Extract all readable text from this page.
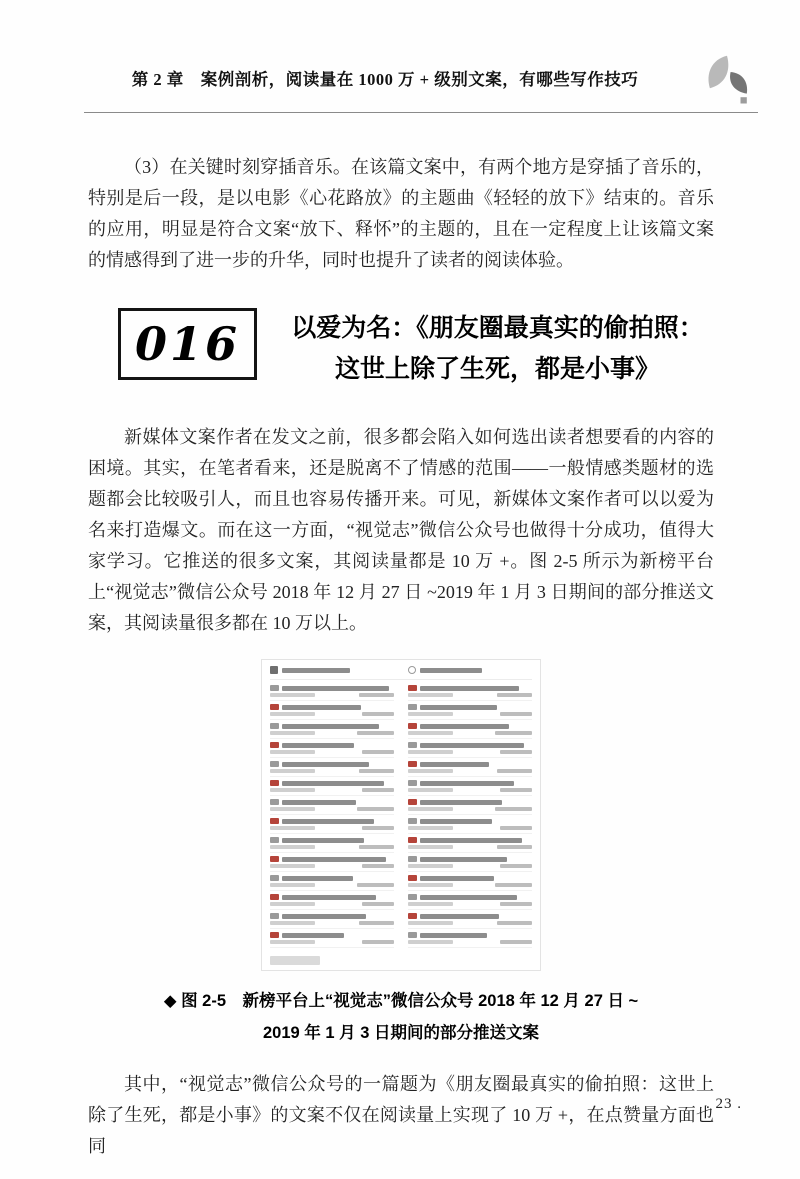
第 2 章　案例剖析，阅读量在 1000 万 + 级别文案，有哪些写作技巧

（3）在关键时刻穿插音乐。在该篇文案中，有两个地方是穿插了音乐的，特别是后一段，是以电影《心花路放》的主题曲《轻轻的放下》结束的。音乐的应用，明显是符合文案“放下、释怀”的主题的，且在一定程度上让该篇文案的情感得到了进一步的升华，同时也提升了读者的阅读体验。

016	以爱为名：《朋友圈最真实的偷拍照：
这世上除了生死，都是小事》

新媒体文案作者在发文之前，很多都会陷入如何选出读者想要看的内容的困境。其实，在笔者看来，还是脱离不了情感的范围——一般情感类题材的选题都会比较吸引人，而且也容易传播开来。可见，新媒体文案作者可以以爱为名来打造爆文。而在这一方面，“视觉志”微信公众号也做得十分成功，值得大家学习。它推送的很多文案，其阅读量都是 10 万 +。图 2-5 所示为新榜平台上“视觉志”微信公众号 2018 年 12 月 27 日 ~2019 年 1 月 3 日期间的部分推送文案，其阅读量很多都在 10 万以上。

◆ 图 2-5　新榜平台上“视觉志”微信公众号 2018 年 12 月 27 日 ~
2019 年 1 月 3 日期间的部分推送文案

其中，“视觉志”微信公众号的一篇题为《朋友圈最真实的偷拍照：这世上除了生死，都是小事》的文案不仅在阅读量上实现了 10 万 +，在点赞量方面也同

. 23 .
